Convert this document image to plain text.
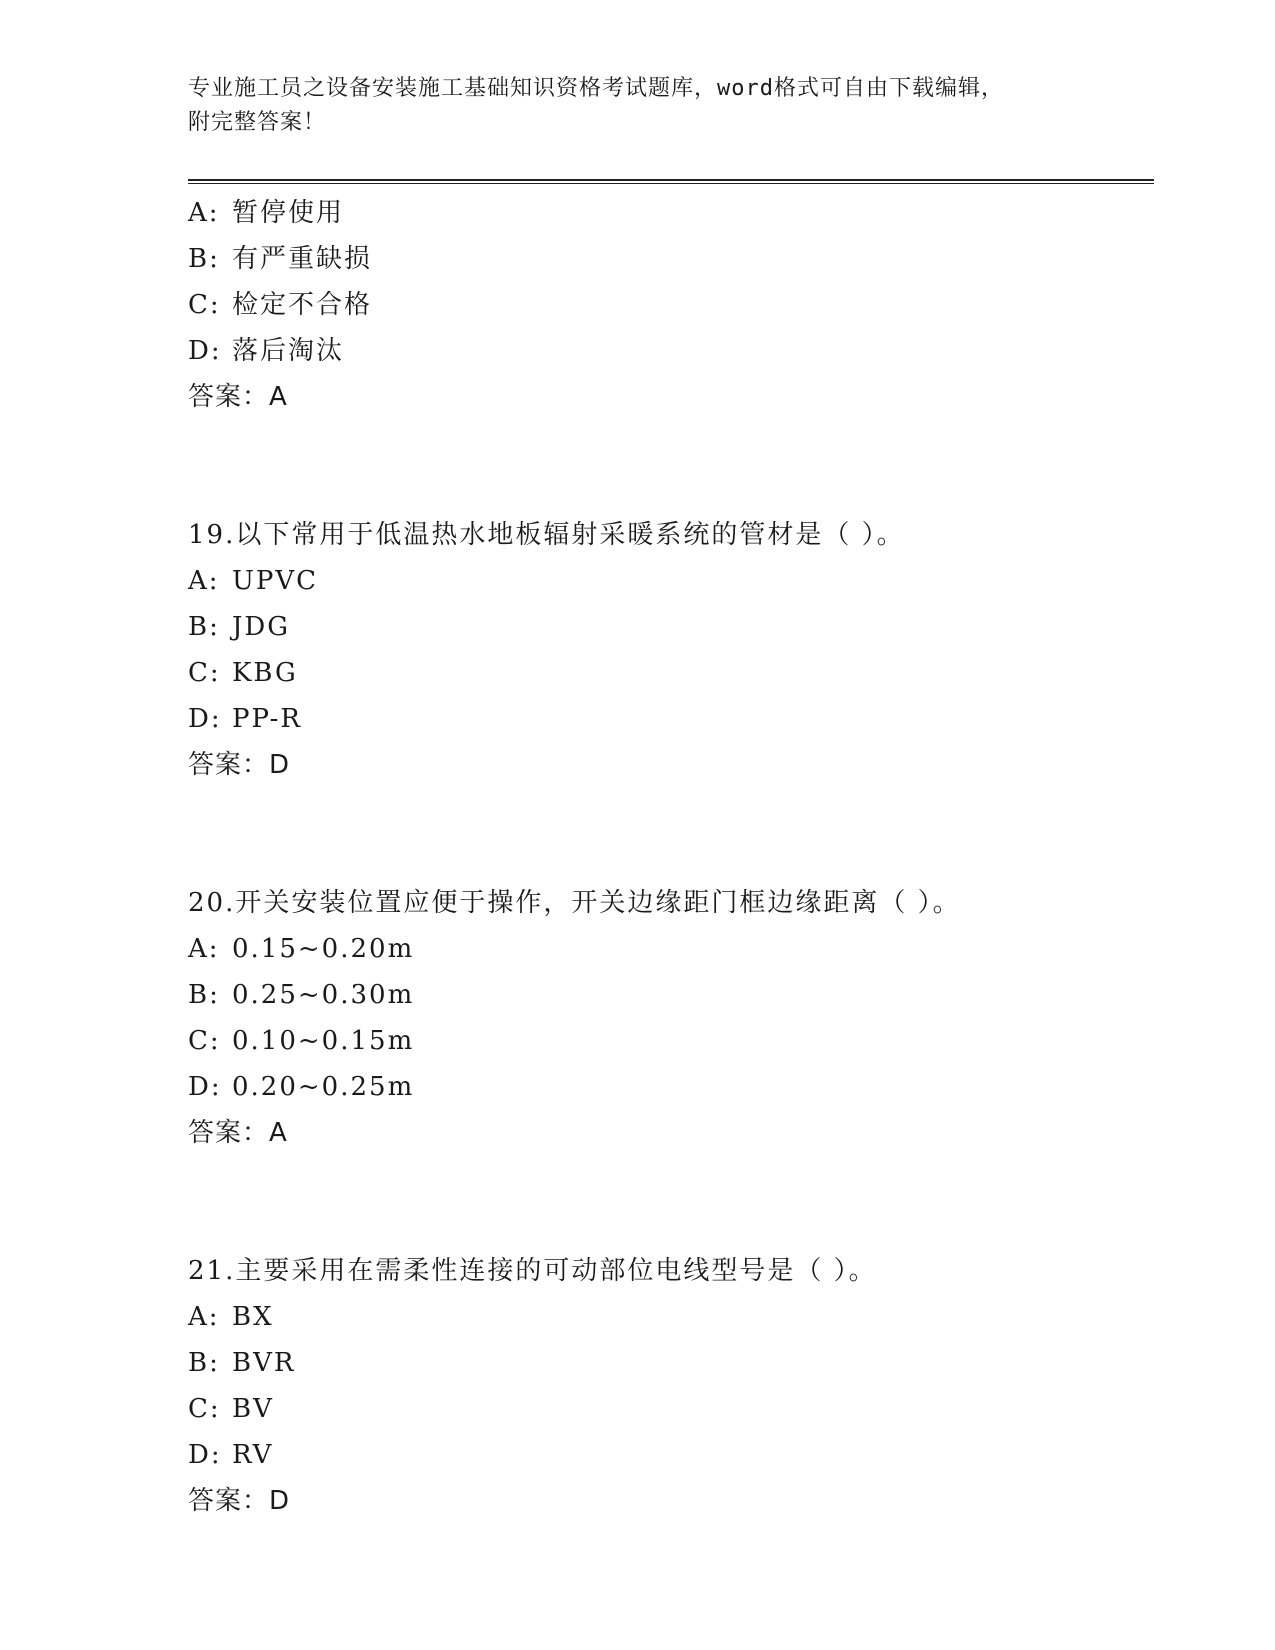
专业施工员之设备安装施工基础知识资格考试题库，word格式可自由下载编辑，
附完整答案！
A: 暂停使用
B: 有严重缺损
C: 检定不合格
D: 落后淘汰
答案：A
19.以下常用于低温热水地板辐射采暖系统的管材是（ ）。
A: UPVC
B: JDG
C: KBG
D: PP-R
答案：D
20.开关安装位置应便于操作，开关边缘距门框边缘距离（ ）。
A: 0.15~0.20m
B: 0.25~0.30m
C: 0.10~0.15m
D: 0.20~0.25m
答案：A
21.主要采用在需柔性连接的可动部位电线型号是（ ）。
A: BX
B: BVR
C: BV
D: RV
答案：D
